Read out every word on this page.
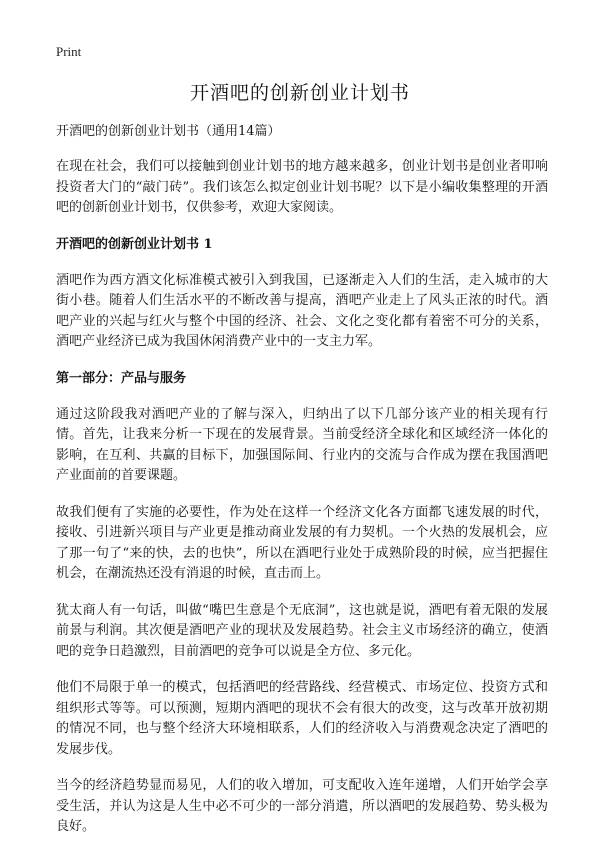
Print
开酒吧的创新创业计划书
开酒吧的创新创业计划书（通用14篇）

在现在社会，我们可以接触到创业计划书的地方越来越多，创业计划书是创业者叩响投资者大门的“敲门砖”。我们该怎么拟定创业计划书呢？以下是小编收集整理的开酒吧的创新创业计划书，仅供参考，欢迎大家阅读。

开酒吧的创新创业计划书 1

酒吧作为西方酒文化标准模式被引入到我国，已逐渐走入人们的生活，走入城市的大街小巷。随着人们生活水平的不断改善与提高，酒吧产业走上了风头正浓的时代。酒吧产业的兴起与红火与整个中国的经济、社会、文化之变化都有着密不可分的关系，酒吧产业经济已成为我国休闲消费产业中的一支主力军。

第一部分：产品与服务

通过这阶段我对酒吧产业的了解与深入，归纳出了以下几部分该产业的相关现有行情。首先，让我来分析一下现在的发展背景。当前受经济全球化和区域经济一体化的影响，在互利、共赢的目标下，加强国际间、行业内的交流与合作成为摆在我国酒吧产业面前的首要课题。

故我们便有了实施的必要性，作为处在这样一个经济文化各方面都飞速发展的时代，接收、引进新兴项目与产业更是推动商业发展的有力契机。一个火热的发展机会，应了那一句了“来的快，去的也快”，所以在酒吧行业处于成熟阶段的时候，应当把握住机会，在潮流热还没有消退的时候，直击而上。

犹太商人有一句话，叫做“嘴巴生意是个无底洞”，这也就是说，酒吧有着无限的发展前景与利润。其次便是酒吧产业的现状及发展趋势。社会主义市场经济的确立，使酒吧的竞争日趋激烈，目前酒吧的竞争可以说是全方位、多元化。

他们不局限于单一的模式，包括酒吧的经营路线、经营模式、市场定位、投资方式和组织形式等等。可以预测，短期内酒吧的现状不会有很大的改变，这与改革开放初期的情况不同，也与整个经济大环境相联系，人们的经济收入与消费观念决定了酒吧的发展步伐。

当今的经济趋势显而易见，人们的收入增加，可支配收入连年递增，人们开始学会享受生活，并认为这是人生中必不可少的一部分消遣，所以酒吧的发展趋势、势头极为良好。
